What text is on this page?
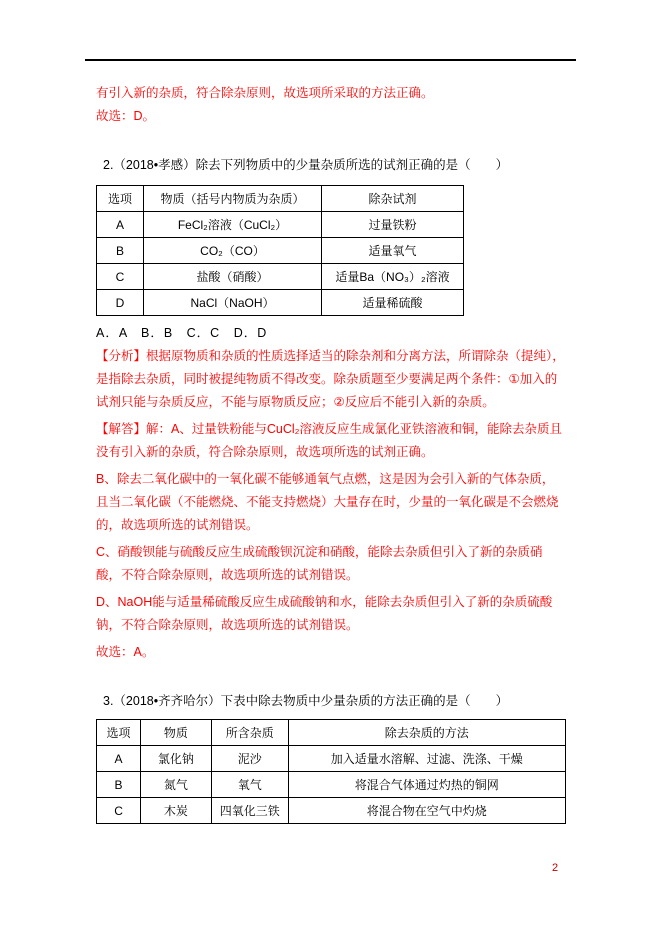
有引入新的杂质，符合除杂原则，故选项所采取的方法正确。

故选：D。

2.（2018•孝感）除去下列物质中的少量杂质所选的试剂正确的是（　　）

选项	物质（括号内物质为杂质）	除杂试剂
A	FeCl₂溶液（CuCl₂）	过量铁粉
B	CO₂（CO）	适量氧气
C	盐酸（硝酸）	适量Ba（NO₃）₂溶液
D	NaCl（NaOH）	适量稀硫酸

A．A　B．B　C．C　D．D

【分析】根据原物质和杂质的性质选择适当的除杂剂和分离方法，所谓除杂（提纯），是指除去杂质，同时被提纯物质不得改变。除杂质题至少要满足两个条件：①加入的试剂只能与杂质反应，不能与原物质反应；②反应后不能引入新的杂质。

【解答】解：A、过量铁粉能与CuCl₂溶液反应生成氯化亚铁溶液和铜，能除去杂质且没有引入新的杂质，符合除杂原则，故选项所选的试剂正确。

B、除去二氧化碳中的一氧化碳不能够通氧气点燃，这是因为会引入新的气体杂质，且当二氧化碳（不能燃烧、不能支持燃烧）大量存在时，少量的一氧化碳是不会燃烧的，故选项所选的试剂错误。

C、硝酸钡能与硫酸反应生成硫酸钡沉淀和硝酸，能除去杂质但引入了新的杂质硝酸，不符合除杂原则，故选项所选的试剂错误。

D、NaOH能与适量稀硫酸反应生成硫酸钠和水，能除去杂质但引入了新的杂质硫酸钠，不符合除杂原则，故选项所选的试剂错误。

故选：A。

3.（2018•齐齐哈尔）下表中除去物质中少量杂质的方法正确的是（　　）

选项	物质	所含杂质	除去杂质的方法
A	氯化钠	泥沙	加入适量水溶解、过滤、洗涤、干燥
B	氮气	氧气	将混合气体通过灼热的铜网
C	木炭	四氧化三铁	将混合物在空气中灼烧
2
